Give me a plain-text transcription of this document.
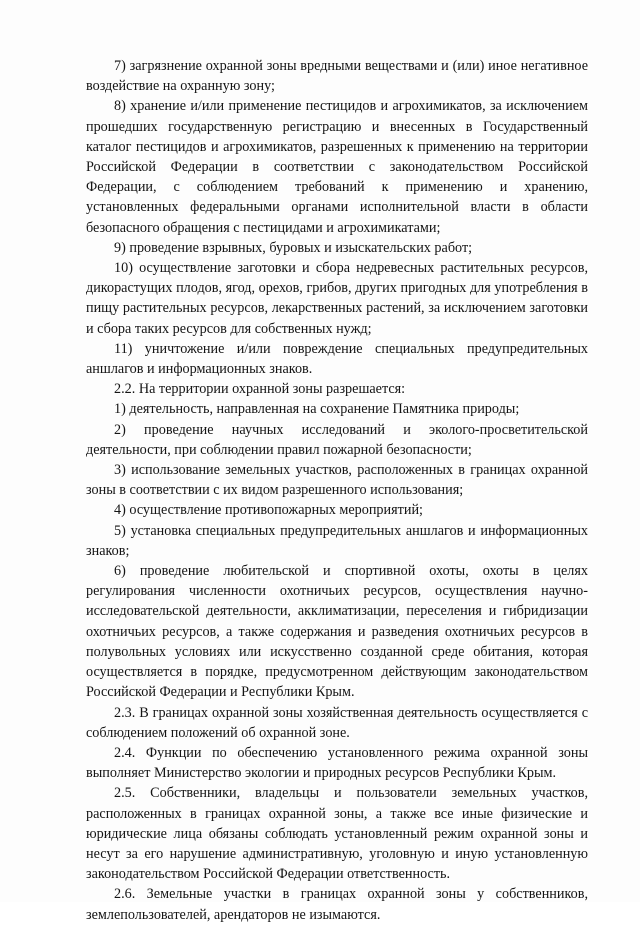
7) загрязнение охранной зоны вредными веществами и (или) иное негативное воздействие на охранную зону;

8) хранение и/или применение пестицидов и агрохимикатов, за исключением прошедших государственную регистрацию и внесенных в Государственный каталог пестицидов и агрохимикатов, разрешенных к применению на территории Российской Федерации в соответствии с законодательством Российской Федерации, с соблюдением требований к применению и хранению, установленных федеральными органами исполнительной власти в области безопасного обращения с пестицидами и агрохимикатами;

9) проведение взрывных, буровых и изыскательских работ;

10) осуществление заготовки и сбора недревесных растительных ресурсов, дикорастущих плодов, ягод, орехов, грибов, других пригодных для употребления в пищу растительных ресурсов, лекарственных растений, за исключением заготовки и сбора таких ресурсов для собственных нужд;

11) уничтожение и/или повреждение специальных предупредительных аншлагов и информационных знаков.

2.2. На территории охранной зоны разрешается:

1) деятельность, направленная на сохранение Памятника природы;

2) проведение научных исследований и эколого-просветительской деятельности, при соблюдении правил пожарной безопасности;

3) использование земельных участков, расположенных в границах охранной зоны в соответствии с их видом разрешенного использования;

4) осуществление противопожарных мероприятий;

5) установка специальных предупредительных аншлагов и информационных знаков;

6) проведение любительской и спортивной охоты, охоты в целях регулирования численности охотничьих ресурсов, осуществления научно-исследовательской деятельности, акклиматизации, переселения и гибридизации охотничьих ресурсов, а также содержания и разведения охотничьих ресурсов в полувольных условиях или искусственно созданной среде обитания, которая осуществляется в порядке, предусмотренном действующим законодательством Российской Федерации и Республики Крым.

2.3. В границах охранной зоны хозяйственная деятельность осуществляется с соблюдением положений об охранной зоне.

2.4. Функции по обеспечению установленного режима охранной зоны выполняет Министерство экологии и природных ресурсов Республики Крым.

2.5. Собственники, владельцы и пользователи земельных участков, расположенных в границах охранной зоны, а также все иные физические и юридические лица обязаны соблюдать установленный режим охранной зоны и несут за его нарушение административную, уголовную и иную установленную законодательством Российской Федерации ответственность.

2.6. Земельные участки в границах охранной зоны у собственников, землепользователей, арендаторов не изымаются.
